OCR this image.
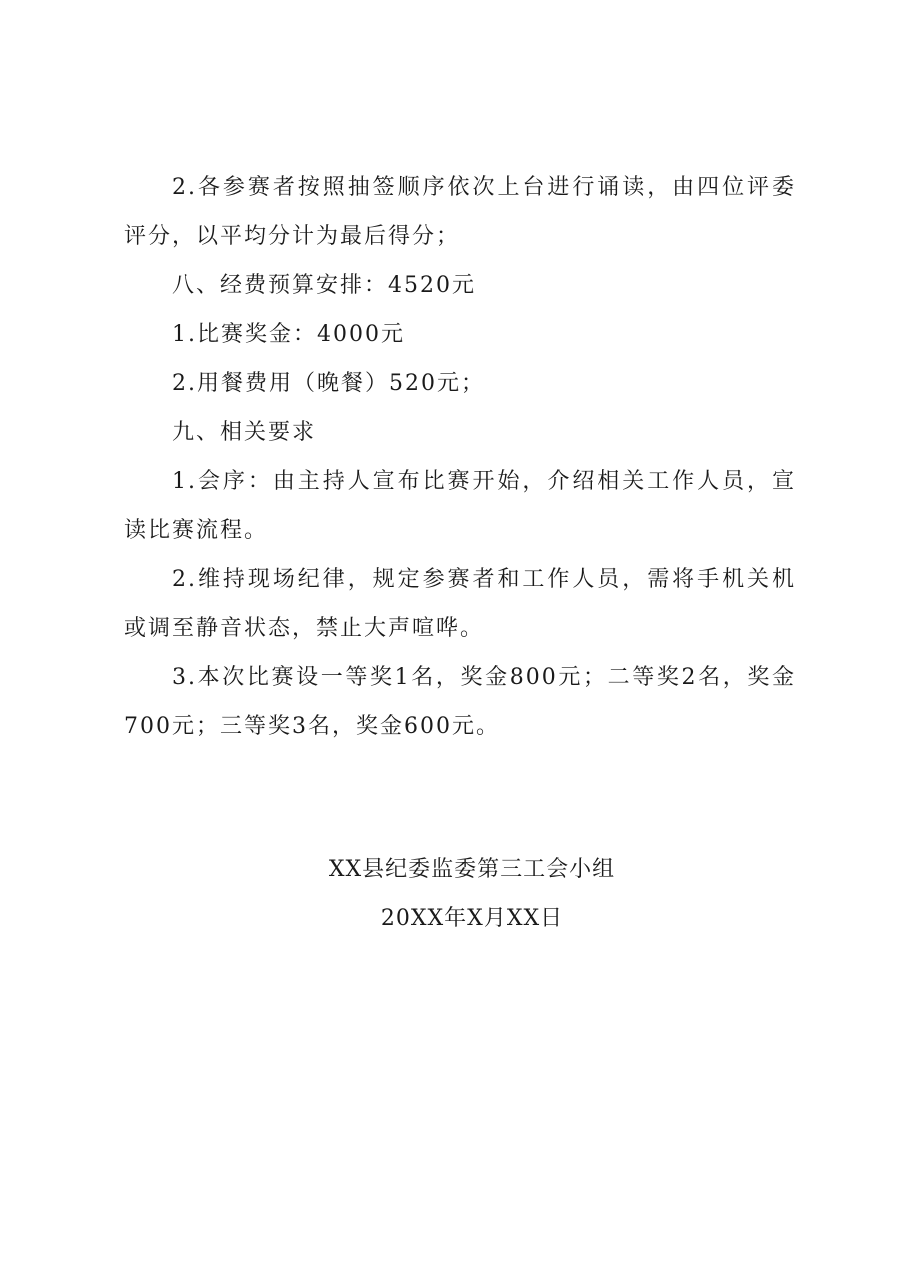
2.各参赛者按照抽签顺序依次上台进行诵读，由四位评委评分，以平均分计为最后得分；

八、经费预算安排：4520元

1.比赛奖金：4000元

2.用餐费用（晚餐）520元；

九、相关要求

1.会序：由主持人宣布比赛开始，介绍相关工作人员，宣读比赛流程。

2.维持现场纪律，规定参赛者和工作人员，需将手机关机或调至静音状态，禁止大声喧哗。

3.本次比赛设一等奖1名，奖金800元；二等奖2名，奖金700元；三等奖3名，奖金600元。

XX县纪委监委第三工会小组

20XX年X月XX日
